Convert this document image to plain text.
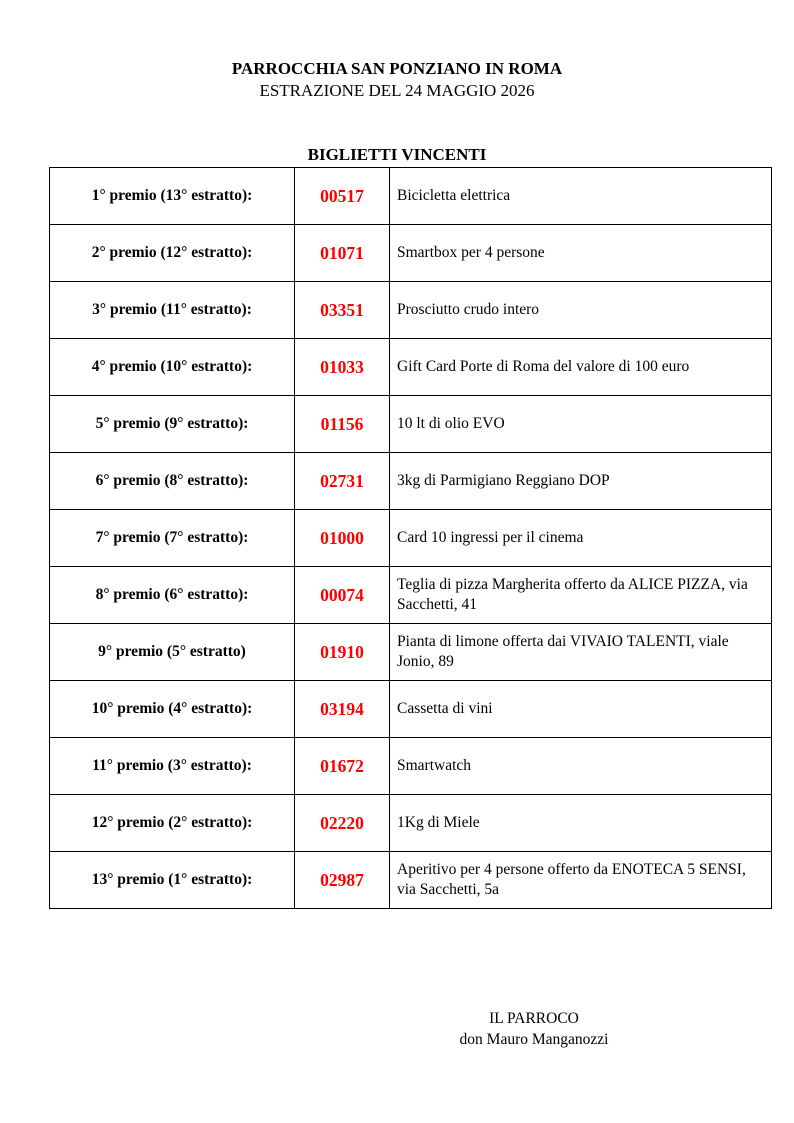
PARROCCHIA SAN PONZIANO IN ROMA
ESTRAZIONE DEL 24 MAGGIO 2026
BIGLIETTI VINCENTI
1° premio (13° estratto):	00517	Bicicletta elettrica
2° premio (12° estratto):	01071	Smartbox per 4 persone
3° premio (11° estratto):	03351	Prosciutto crudo intero
4° premio (10° estratto):	01033	Gift Card Porte di Roma del valore di 100 euro
5° premio (9° estratto):	01156	10 lt di olio EVO
6° premio (8° estratto):	02731	3kg di Parmigiano Reggiano DOP
7° premio (7° estratto):	01000	Card 10 ingressi per il cinema
8° premio (6° estratto):	00074	Teglia di pizza Margherita offerto da ALICE PIZZA, via Sacchetti, 41
9° premio (5° estratto)	01910	Pianta di limone offerta dai VIVAIO TALENTI, viale Jonio, 89
10° premio (4° estratto):	03194	Cassetta di vini
11° premio (3° estratto):	01672	Smartwatch
12° premio (2° estratto):	02220	1Kg di Miele
13° premio (1° estratto):	02987	Aperitivo per 4 persone offerto da ENOTECA 5 SENSI, via Sacchetti, 5a
IL PARROCO
don Mauro Manganozzi
